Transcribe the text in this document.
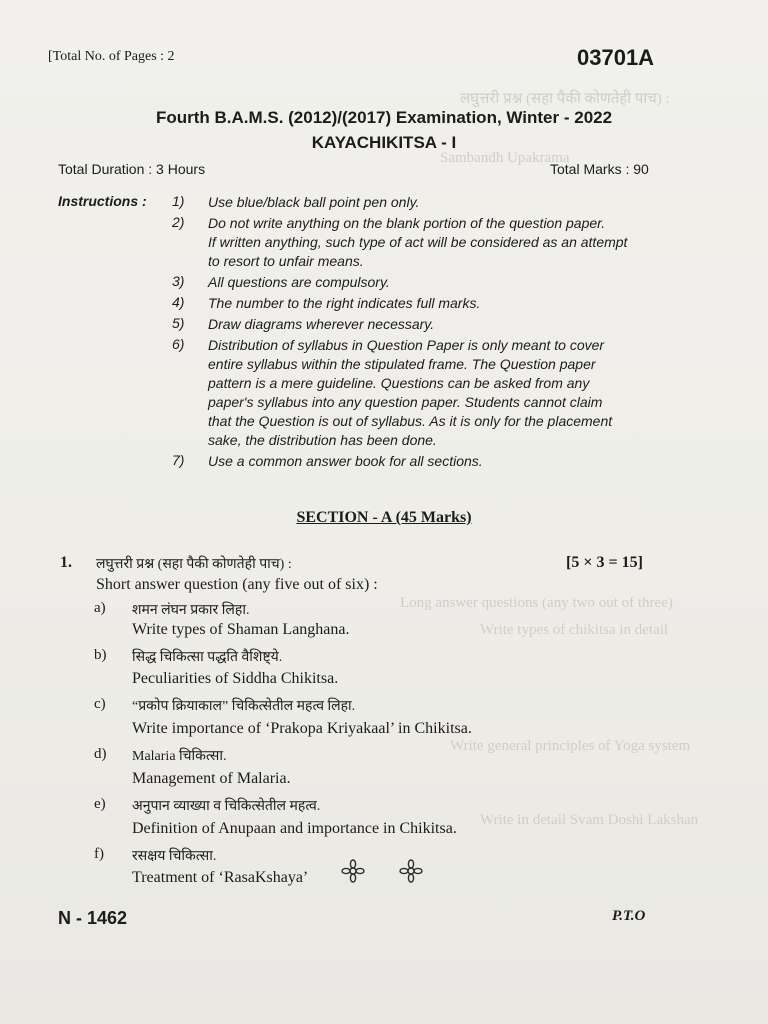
लघुत्तरी प्रश्न (सहा पैकी कोणतेही पाच) :
Sambandh Upakrama
Long answer questions (any two out of three)
Write types of chikitsa in detail
Write general principles of Yoga system
Write in detail Svam Doshi Lakshan
[Total No. of Pages : 2	03701A
Fourth B.A.M.S. (2012)/(2017) Examination, Winter - 2022
KAYACHIKITSA - I
Total Duration : 3 Hours	Total Marks : 90
Instructions : 1) Use blue/black ball point pen only.
2) Do not write anything on the blank portion of the question paper.
If written anything, such type of act will be considered as an attempt
to resort to unfair means.
3) All questions are compulsory.
4) The number to the right indicates full marks.
5) Draw diagrams wherever necessary.
6) Distribution of syllabus in Question Paper is only meant to cover
entire syllabus within the stipulated frame. The Question paper
pattern is a mere guideline. Questions can be asked from any
paper's syllabus into any question paper. Students cannot claim
that the Question is out of syllabus. As it is only for the placement
sake, the distribution has been done.
7) Use a common answer book for all sections.
SECTION - A (45 Marks)
1. लघुत्तरी प्रश्न (सहा पैकी कोणतेही पाच) :	[5 × 3 = 15]
Short answer question (any five out of six) :
a) शमन लंघन प्रकार लिहा.
Write types of Shaman Langhana.
b) सिद्ध चिकित्सा पद्धति वैशिष्ट्ये.
Peculiarities of Siddha Chikitsa.
c) “प्रकोप क्रियाकाल” चिकित्सेतील महत्व लिहा.
Write importance of ‘Prakopa Kriyakaal’ in Chikitsa.
d) Malaria चिकित्सा.
Management of Malaria.
e) अनुपान व्याख्या व चिकित्सेतील महत्व.
Definition of Anupaan and importance in Chikitsa.
f) रसक्षय चिकित्सा.
Treatment of ‘RasaKshaya’
N - 1462	P.T.O
